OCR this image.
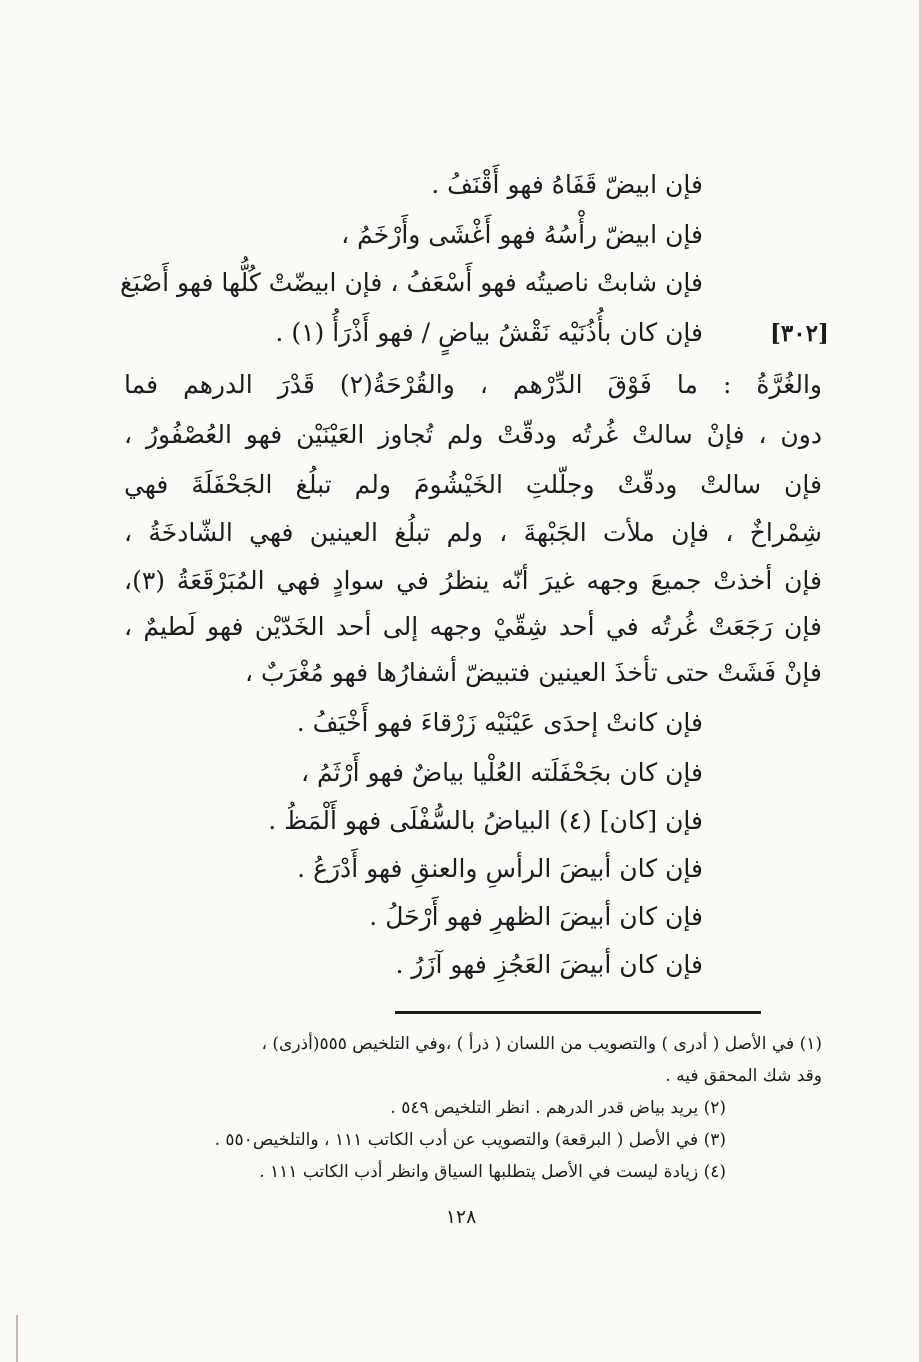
[٣٠٢]
فإن ابيضّ قَفَاهُ فهو أَقْنَفُ .
فإن ابيضّ رأْسُهُ فهو أَغْشَى وأَرْخَمُ ،
فإن شابتْ ناصيتُه فهو أَسْعَفُ ، فإن ابيضّتْ كُلُّها فهو أَصْبَغ
فإن كان بأُذُنَيْه نَقْشُ بياضٍ / فهو أَذْرَأُ (١) .
والغُرَّةُ : ما فَوْقَ الدِّرْهم ، والقُرْحَةُ(٢) قَدْرَ الدرهم فما
دون ، فإنْ سالتْ غُرتُه ودقّتْ ولم تُجاوز العَيْنَيْن فهو العُصْفُورُ ،
فإن سالتْ ودقّتْ وجلّلتِ الخَيْشُومَ ولم تبلُغ الجَحْفَلَةَ فهي
شِمْراخٌ ، فإن ملأت الجَبْهةَ ، ولم تبلُغ العينين فهي الشّادخَةُ ،
فإن أخذتْ جميعَ وجهه غيرَ أنّه ينظرُ في سوادٍ فهي المُبَرْقَعَةُ (٣)،
فإن رَجَعَتْ غُرتُه في أحد شِقّيْ وجهه إلى أحد الخَدّيْن فهو لَطيمٌ ،
فإنْ فَشَتْ حتى تأخذَ العينين فتبيضّ أشفارُها فهو مُغْرَبٌ ،
فإن كانتْ إحدَى عَيْنَيْه زَرْقاءَ فهو أَخْيَفُ .
فإن كان بجَحْفَلَته العُلْيا بياضٌ فهو أَرْثَمُ ،
فإن [كان] (٤) البياضُ بالسُّفْلَى فهو أَلْمَظُ .
فإن كان أبيضَ الرأسِ والعنقِ فهو أَدْرَعُ .
فإن كان أبيضَ الظهرِ فهو أَرْحَلُ .
فإن كان أبيضَ العَجُزِ فهو آزَرُ .
(١) في الأصل ( أدرى ) والتصويب من اللسان ( ذرأ ) ،وفي التلخيص ٥٥٥(أذرى) ،
وقد شك المحقق فيه .
(٢) يريد بياض قدر الدرهم . انظر التلخيص ٥٤٩ .
(٣) في الأصل ( البرقعة) والتصويب عن أدب الكاتب ١١١ ، والتلخيص٥٥٠ .
(٤) زيادة ليست في الأصل يتطلبها السياق وانظر أدب الكاتب ١١١ .
١٢٨
